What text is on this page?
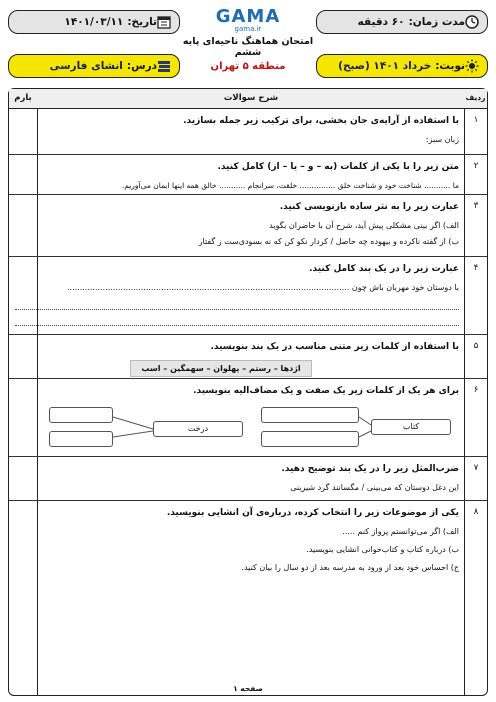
تاریخ:
۱۴۰۱/۰۳/۱۱	مدت زمان:
۶۰ دقیقه
درس:
انشای فارسی	نوبت:
خرداد ۱۴۰۱ (صبح)
GAMA
gama.ir
امتحان هماهنگ ناحیه‌ای پایه ششم
منطقه ۵ تهران
ردیف
شرح سوالات
بارم
۱
با استفاده از آرایه‌ی جان بخشی، برای ترکیب زیر جمله بسازید.
زبان سبز:
۲
متن زیر را با یکی از کلمات (به – و – یا – از) کامل کنید.
ما ........... شناخت خود و شناخت خلق ............... خلقت، سرانجام ........... خالق همه اینها ایمان می‌آوریم.
۳
عبارت زیر را به نثر ساده بازنویسی کنید.
الف) اگر بینی مشکلی پیش آید، شرح آن با حاضران بگوید
ب) از گفته ناکرده و بیهوده چه حاصل / کردار نکو کن که نه بسودی‌ست ز گفتار
۴
عبارت زیر را در یک بند کامل کنید.
با دوستان خود مهربان باش چون ...............................................................................................................
۵
با استفاده از کلمات زیر متنی مناسب در یک بند بنویسید.
اژدها – رستم – پهلوان – سهمگین – اسب
۶
برای هر یک از کلمات زیر یک صفت و یک مضاف‌الیه بنویسید.
کتاب
درخت
۷
ضرب‌المثل زیر را در یک بند توضیح دهید.
این دغل دوستان که می‌بینی / مگسانند گرد شیرینی
۸
یکی از موضوعات زیر را انتخاب کرده، درباره‌ی آن انشایی بنویسید.
الف) اگر می‌توانستم پرواز کنم .....
ب) درباره کتاب و کتاب‌خوانی انشایی بنویسید.
ج) احساس خود بعد از ورود به مدرسه بعد از دو سال را بیان کنید.
صفحه ۱
